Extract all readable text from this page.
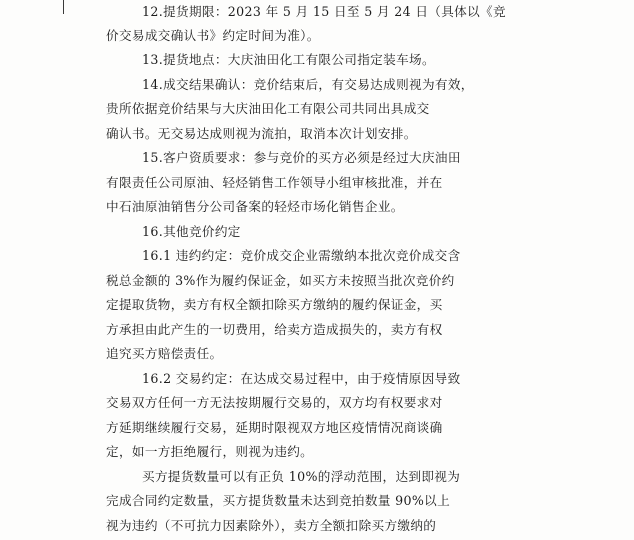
12.提货期限：2023 年 5 月 15 日至 5 月 24 日（具体以《竞
价交易成交确认书》约定时间为准）。
13.提货地点：大庆油田化工有限公司指定装车场。
14.成交结果确认：竞价结束后，有交易达成则视为有效，
贵所依据竞价结果与大庆油田化工有限公司共同出具成交
确认书。无交易达成则视为流拍，取消本次计划安排。
15.客户资质要求：参与竞价的买方必须是经过大庆油田
有限责任公司原油、轻烃销售工作领导小组审核批准，并在
中石油原油销售分公司备案的轻烃市场化销售企业。
16.其他竞价约定
16.1 违约约定：竞价成交企业需缴纳本批次竞价成交含
税总金额的 3%作为履约保证金，如买方未按照当批次竞价约
定提取货物，卖方有权全额扣除买方缴纳的履约保证金，买
方承担由此产生的一切费用，给卖方造成损失的，卖方有权
追究买方赔偿责任。
16.2 交易约定：在达成交易过程中，由于疫情原因导致
交易双方任何一方无法按期履行交易的，双方均有权要求对
方延期继续履行交易，延期时限视双方地区疫情情况商谈确
定，如一方拒绝履行，则视为违约。
买方提货数量可以有正负 10%的浮动范围，达到即视为
完成合同约定数量，买方提货数量未达到竞拍数量 90%以上
视为违约（不可抗力因素除外），卖方全额扣除买方缴纳的
